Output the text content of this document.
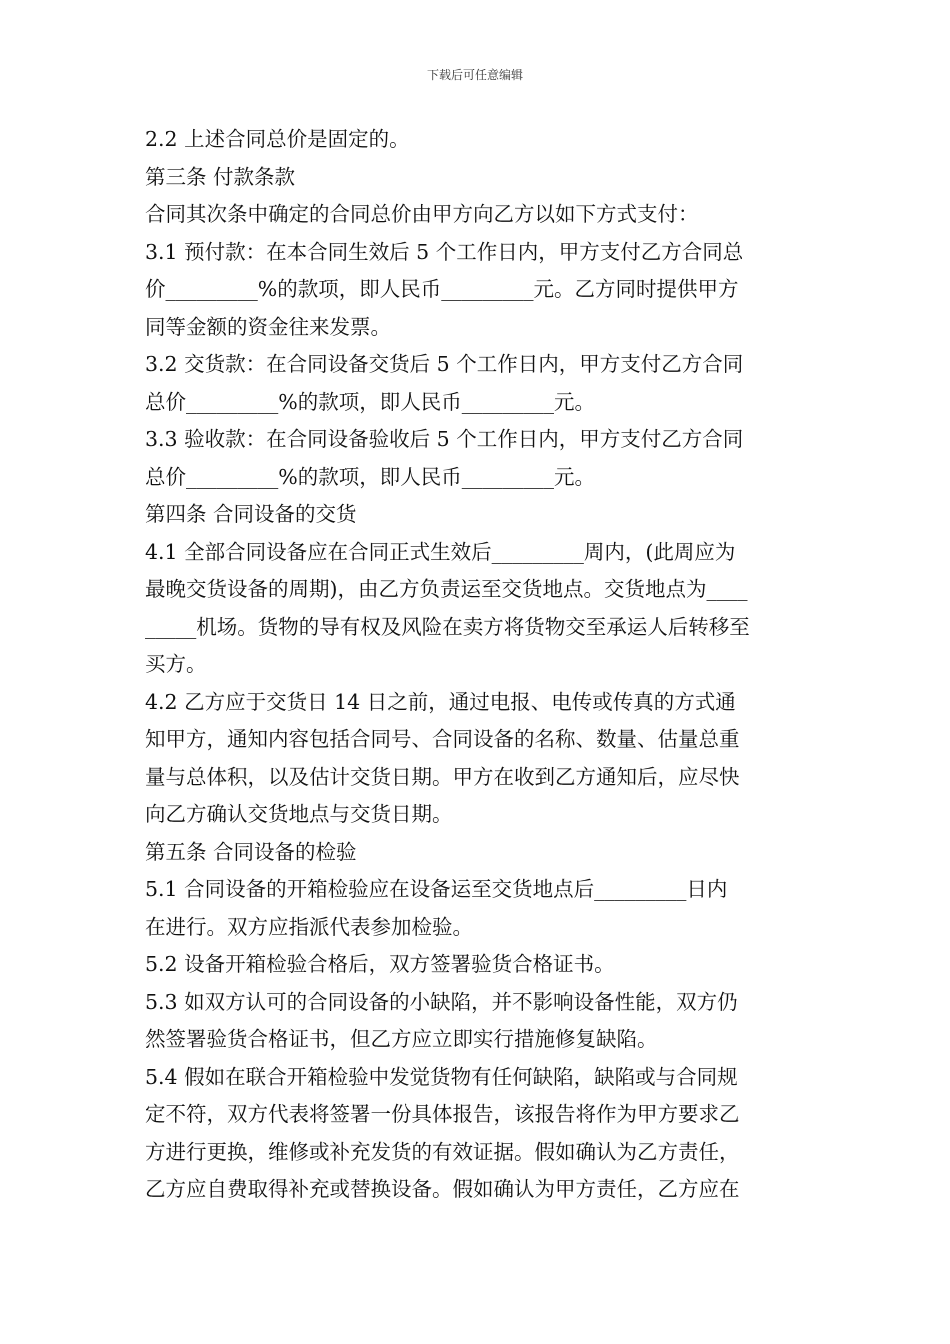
下载后可任意编辑
2.2 上述合同总价是固定的。
第三条 付款条款
合同其次条中确定的合同总价由甲方向乙方以如下方式支付：
3.1 预付款：在本合同生效后 5 个工作日内，甲方支付乙方合同总
价_________%的款项，即人民币_________元。乙方同时提供甲方
同等金额的资金往来发票。
3.2 交货款：在合同设备交货后 5 个工作日内，甲方支付乙方合同
总价_________%的款项，即人民币_________元。
3.3 验收款：在合同设备验收后 5 个工作日内，甲方支付乙方合同
总价_________%的款项，即人民币_________元。
第四条 合同设备的交货
4.1 全部合同设备应在合同正式生效后_________周内，(此周应为
最晚交货设备的周期)，由乙方负责运至交货地点。交货地点为____
_____机场。货物的导有权及风险在卖方将货物交至承运人后转移至
买方。
4.2 乙方应于交货日 14 日之前，通过电报、电传或传真的方式通
知甲方，通知内容包括合同号、合同设备的名称、数量、估量总重
量与总体积，以及估计交货日期。甲方在收到乙方通知后，应尽快
向乙方确认交货地点与交货日期。
第五条 合同设备的检验
5.1 合同设备的开箱检验应在设备运至交货地点后_________日内
在进行。双方应指派代表参加检验。
5.2 设备开箱检验合格后，双方签署验货合格证书。
5.3 如双方认可的合同设备的小缺陷，并不影响设备性能，双方仍
然签署验货合格证书，但乙方应立即实行措施修复缺陷。
5.4 假如在联合开箱检验中发觉货物有任何缺陷，缺陷或与合同规
定不符，双方代表将签署一份具体报告，该报告将作为甲方要求乙
方进行更换，维修或补充发货的有效证据。假如确认为乙方责任，
乙方应自费取得补充或替换设备。假如确认为甲方责任，乙方应在
